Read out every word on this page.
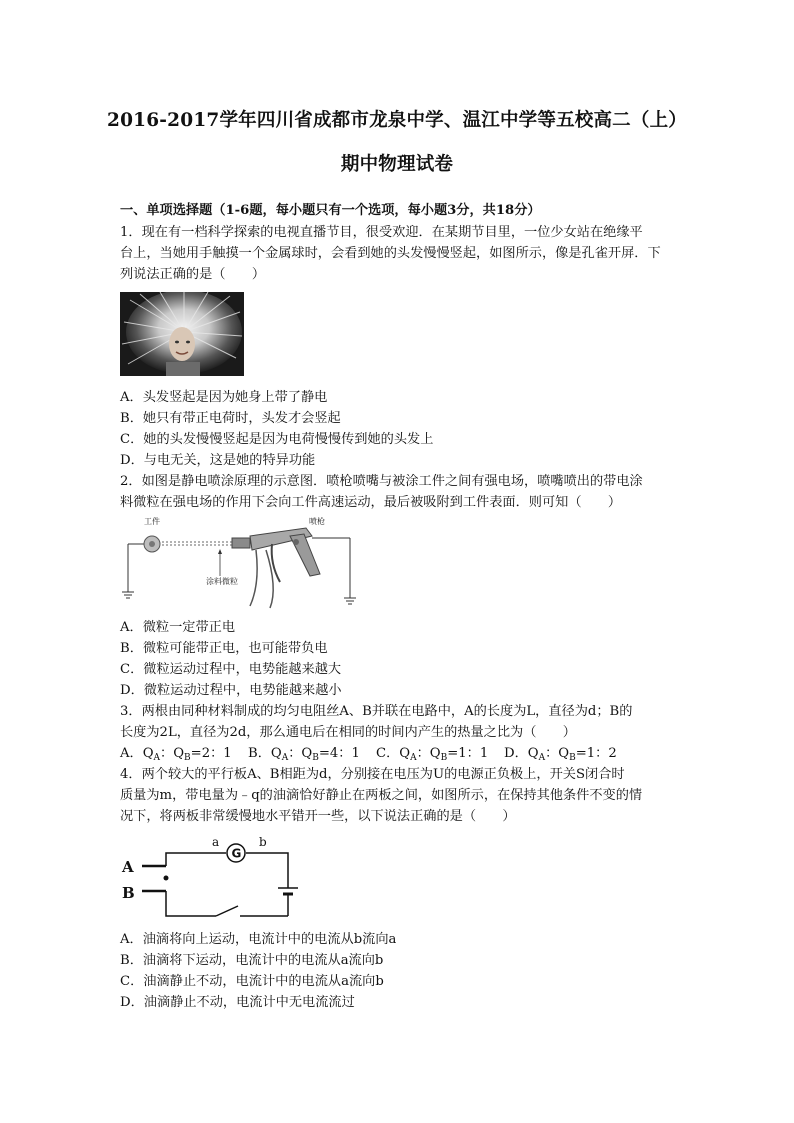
2016-2017学年四川省成都市龙泉中学、温江中学等五校高二（上）
期中物理试卷
一、单项选择题（1-6题，每小题只有一个选项，每小题3分，共18分）
1．现在有一档科学探索的电视直播节目，很受欢迎．在某期节目里，一位少女站在绝缘平
台上，当她用手触摸一个金属球时，会看到她的头发慢慢竖起，如图所示，像是孔雀开屏．下
列说法正确的是（　　）
A．头发竖起是因为她身上带了静电
B．她只有带正电荷时，头发才会竖起
C．她的头发慢慢竖起是因为电荷慢慢传到她的头发上
D．与电无关，这是她的特异功能
2．如图是静电喷涂原理的示意图．喷枪喷嘴与被涂工件之间有强电场，喷嘴喷出的带电涂
料微粒在强电场的作用下会向工件高速运动，最后被吸附到工件表面．则可知（　　）
工件	喷枪
涂料微粒
A．微粒一定带正电
B．微粒可能带正电，也可能带负电
C．微粒运动过程中，电势能越来越大
D．微粒运动过程中，电势能越来越小
3．两根由同种材料制成的均匀电阻丝A、B并联在电路中，A的长度为L，直径为d；B的
长度为2L，直径为2d，那么通电后在相同的时间内产生的热量之比为（　　）
A．$Q_A$：$Q_B=2$：1 B．$Q_A$：$Q_B=4$：1 C．$Q_A$：$Q_B=1$：1 D．$Q_A$：$Q_B=1$：2
4．两个较大的平行板A、B相距为d，分别接在电压为U的电源正负极上，开关S闭合时
质量为m，带电量为﹣q的油滴恰好静止在两板之间，如图所示，在保持其他条件不变的情
况下，将两板非常缓慢地水平错开一些，以下说法正确的是（　　）
A
B
a	b
G
A．油滴将向上运动，电流计中的电流从b流向a
B．油滴将下运动，电流计中的电流从a流向b
C．油滴静止不动，电流计中的电流从a流向b
D．油滴静止不动，电流计中无电流流过
